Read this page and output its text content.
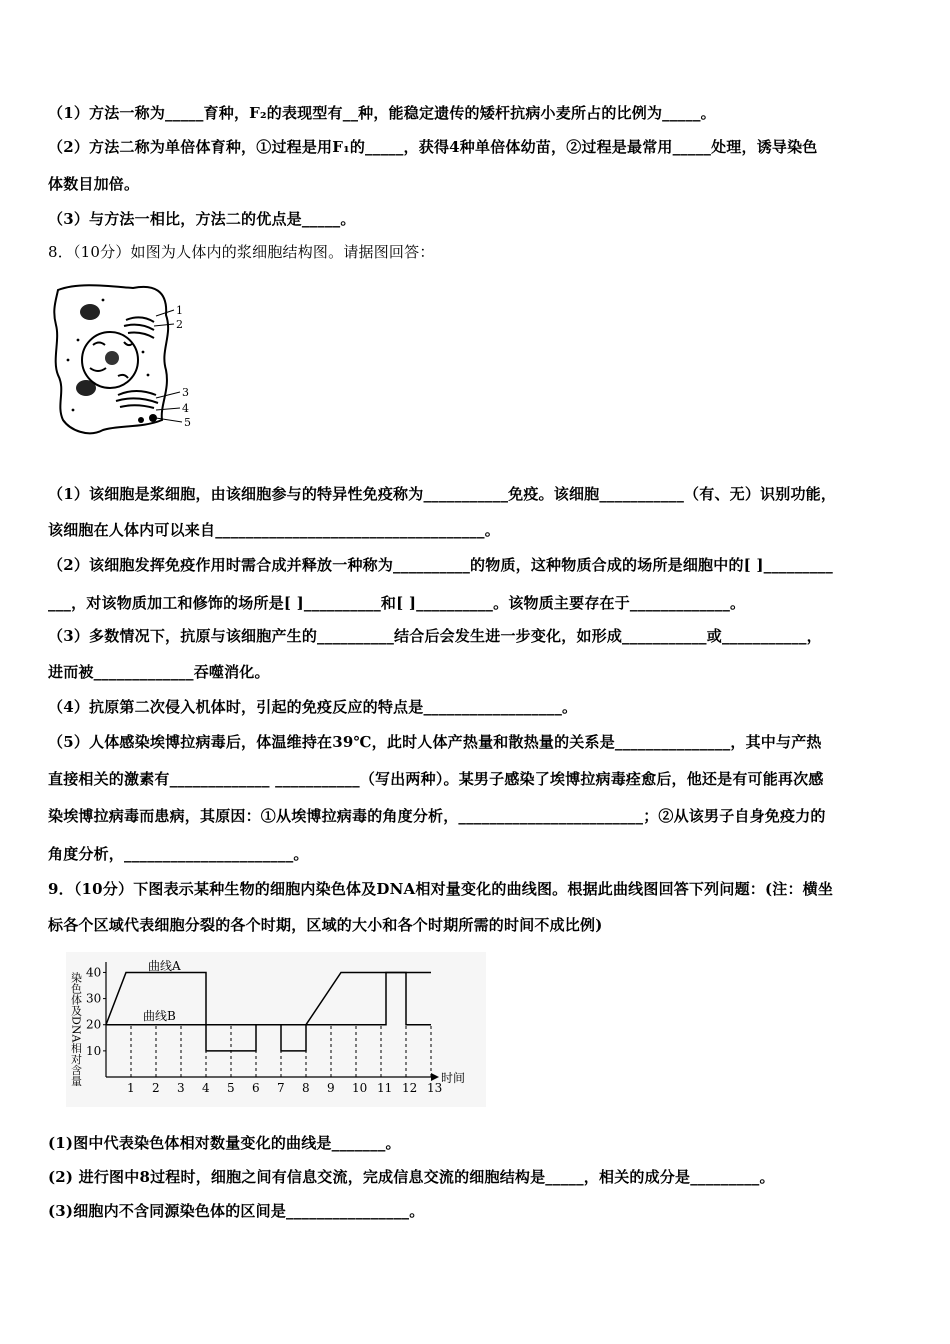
（1）方法一称为_____育种，F₂的表现型有__种，能稳定遗传的矮杆抗病小麦所占的比例为_____。
（2）方法二称为单倍体育种，①过程是用F₁的_____，获得4种单倍体幼苗，②过程是最常用_____处理，诱导染色
体数目加倍。
（3）与方法一相比，方法二的优点是_____。
8．（10分）如图为人体内的浆细胞结构图。请据图回答：
1
2
3
4
5
（1）该细胞是浆细胞，由该细胞参与的特异性免疫称为___________免疫。该细胞___________（有、无）识别功能，
该细胞在人体内可以来自___________________________________。
（2）该细胞发挥免疫作用时需合成并释放一种称为__________的物质，这种物质合成的场所是细胞中的[ ]_________
___，对该物质加工和修饰的场所是[ ]__________和[ ]__________。该物质主要存在于_____________。
（3）多数情况下，抗原与该细胞产生的__________结合后会发生进一步变化，如形成___________或___________，
进而被_____________吞噬消化。
（4）抗原第二次侵入机体时，引起的免疫反应的特点是__________________。
（5）人体感染埃博拉病毒后，体温维持在39℃，此时人体产热量和散热量的关系是_______________，其中与产热
直接相关的激素有_____________ ___________（写出两种）。某男子感染了埃博拉病毒痊愈后，他还是有可能再次感
染埃博拉病毒而患病，其原因：①从埃博拉病毒的角度分析，________________________；②从该男子自身免疫力的
角度分析，______________________。
9．（10分）下图表示某种生物的细胞内染色体及DNA相对量变化的曲线图。根据此曲线图回答下列问题：(注：横坐
标各个区域代表细胞分裂的各个时期，区域的大小和各个时期所需的时间不成比例)
染色体及DNA相对含量	时间
10
20
30
40
1 2 3 4 5 6 7 8 9 10 11 12 13
曲线A
曲线B
(1)图中代表染色体相对数量变化的曲线是_______。
(2) 进行图中8过程时，细胞之间有信息交流，完成信息交流的细胞结构是_____，相关的成分是_________。
(3)细胞内不含同源染色体的区间是________________。
